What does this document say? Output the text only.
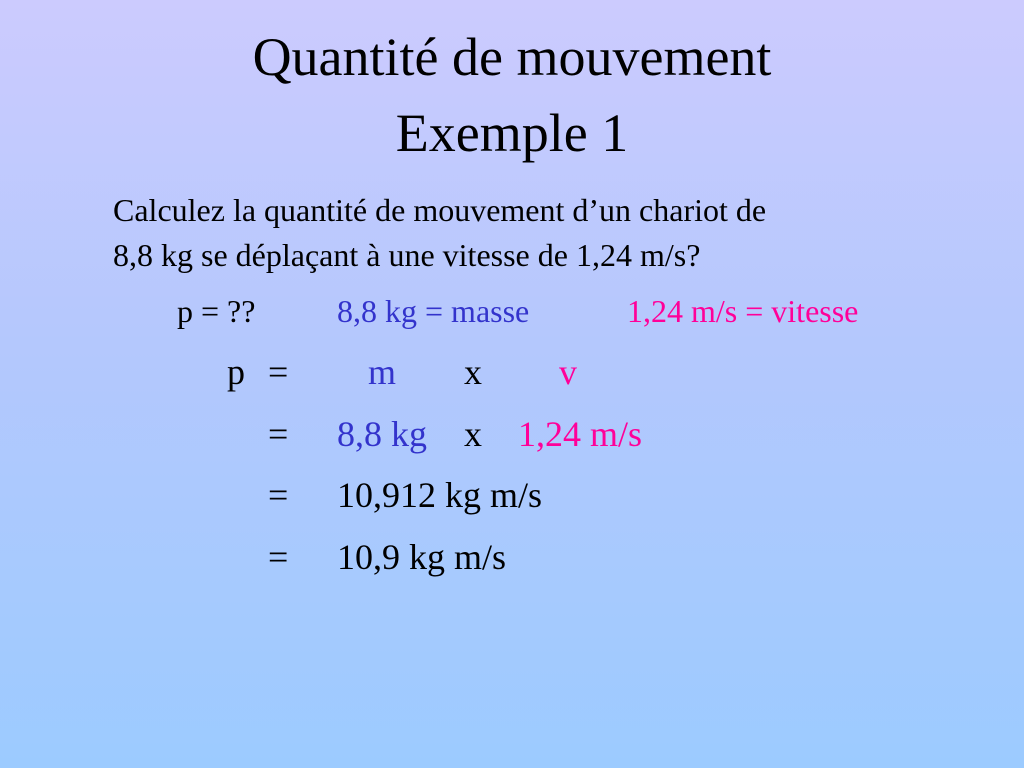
Quantité de mouvement
Exemple 1
Calculez la quantité de mouvement d’un chariot de
8,8 kg se déplaçant à une vitesse de 1,24 m/s?
p = ??	8,8 kg = masse	1,24 m/s = vitesse
p = m x v
= 8,8 kg x 1,24 m/s
= 10,912 kg m/s
= 10,9 kg m/s
